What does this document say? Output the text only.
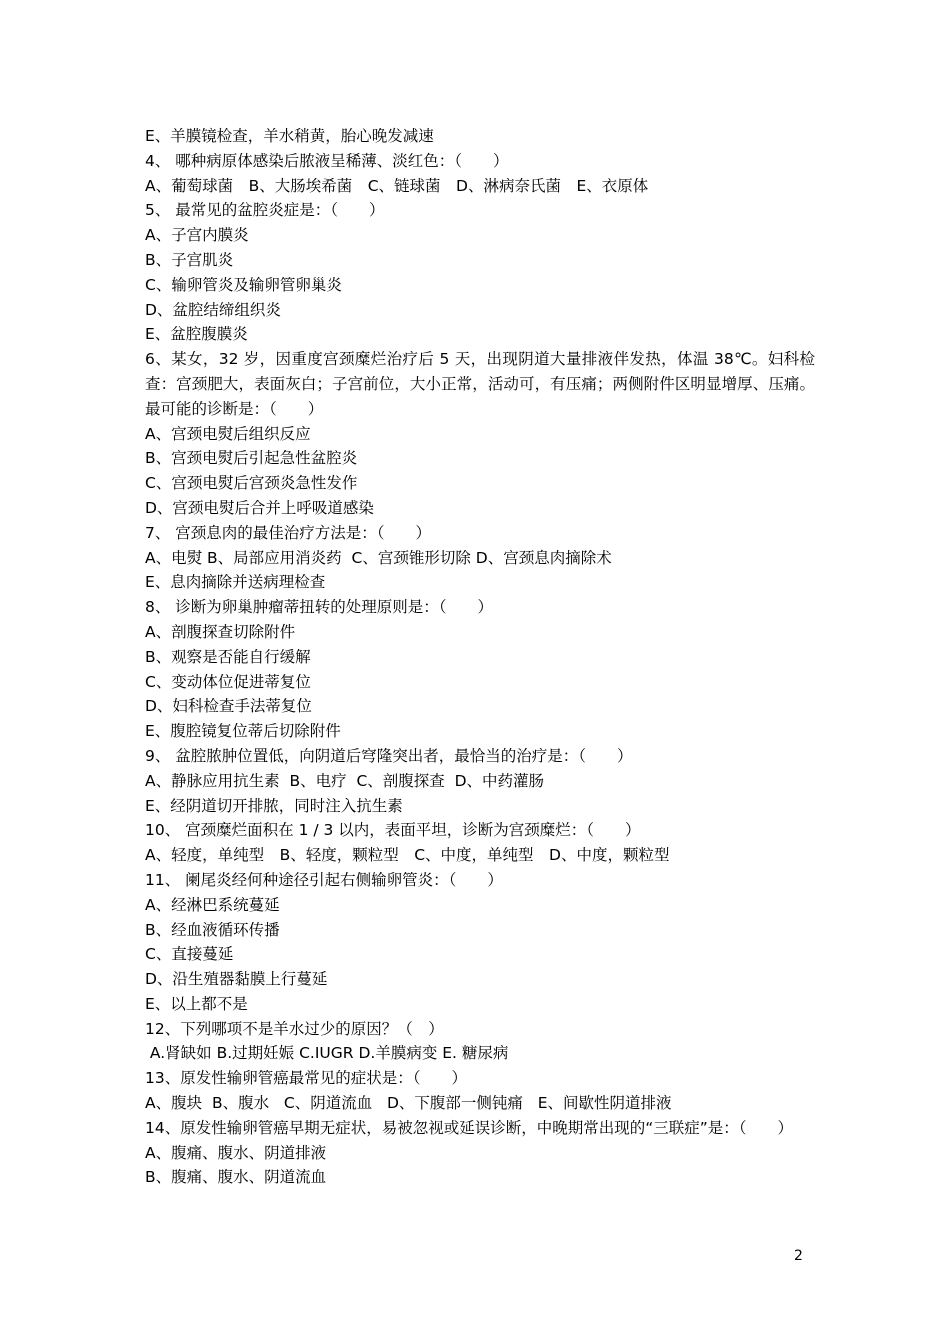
E、羊膜镜检查，羊水稍黄，胎心晚发减速
4、 哪种病原体感染后脓液呈稀薄、淡红色：（　　）
A、葡萄球菌　B、大肠埃希菌　C、链球菌　D、淋病奈氏菌　E、衣原体
5、 最常见的盆腔炎症是：（　　）
A、子宫内膜炎
B、子宫肌炎
C、输卵管炎及输卵管卵巢炎
D、盆腔结缔组织炎
E、盆腔腹膜炎
6、某女，32 岁，因重度宫颈糜烂治疗后 5 天，出现阴道大量排液伴发热，体温 38℃。妇科检查：宫颈肥大，表面灰白；子宫前位，大小正常，活动可，有压痛；两侧附件区明显增厚、压痛。最可能的诊断是：（　　）
A、宫颈电熨后组织反应
B、宫颈电熨后引起急性盆腔炎
C、宫颈电熨后宫颈炎急性发作
D、宫颈电熨后合并上呼吸道感染
7、 宫颈息肉的最佳治疗方法是：（　　）
A、电熨 B、局部应用消炎药  C、宫颈锥形切除 D、宫颈息肉摘除术
E、息肉摘除并送病理检查
8、 诊断为卵巢肿瘤蒂扭转的处理原则是：（　　）
A、剖腹探查切除附件
B、观察是否能自行缓解
C、变动体位促进蒂复位
D、妇科检查手法蒂复位
E、腹腔镜复位蒂后切除附件
9、 盆腔脓肿位置低，向阴道后穹隆突出者，最恰当的治疗是：（　　）
A、静脉应用抗生素  B、电疗  C、剖腹探查  D、中药灌肠
E、经阴道切开排脓，同时注入抗生素
10、 宫颈糜烂面积在 1 / 3 以内，表面平坦，诊断为宫颈糜烂：（　　）
A、轻度，单纯型　B、轻度，颗粒型　C、中度，单纯型　D、中度，颗粒型
11、 阑尾炎经何种途径引起右侧输卵管炎：（　　）
A、经淋巴系统蔓延
B、经血液循环传播
C、直接蔓延
D、沿生殖器黏膜上行蔓延
E、以上都不是
12、下列哪项不是羊水过少的原因？（　）
A.肾缺如 B.过期妊娠 C.IUGR D.羊膜病变 E. 糖尿病
13、原发性输卵管癌最常见的症状是：（　　）
A、腹块  B、腹水   C、阴道流血   D、下腹部一侧钝痛   E、间歇性阴道排液
14、原发性输卵管癌早期无症状，易被忽视或延误诊断，中晚期常出现的“三联症”是：（　　）
A、腹痛、腹水、阴道排液
B、腹痛、腹水、阴道流血
2
